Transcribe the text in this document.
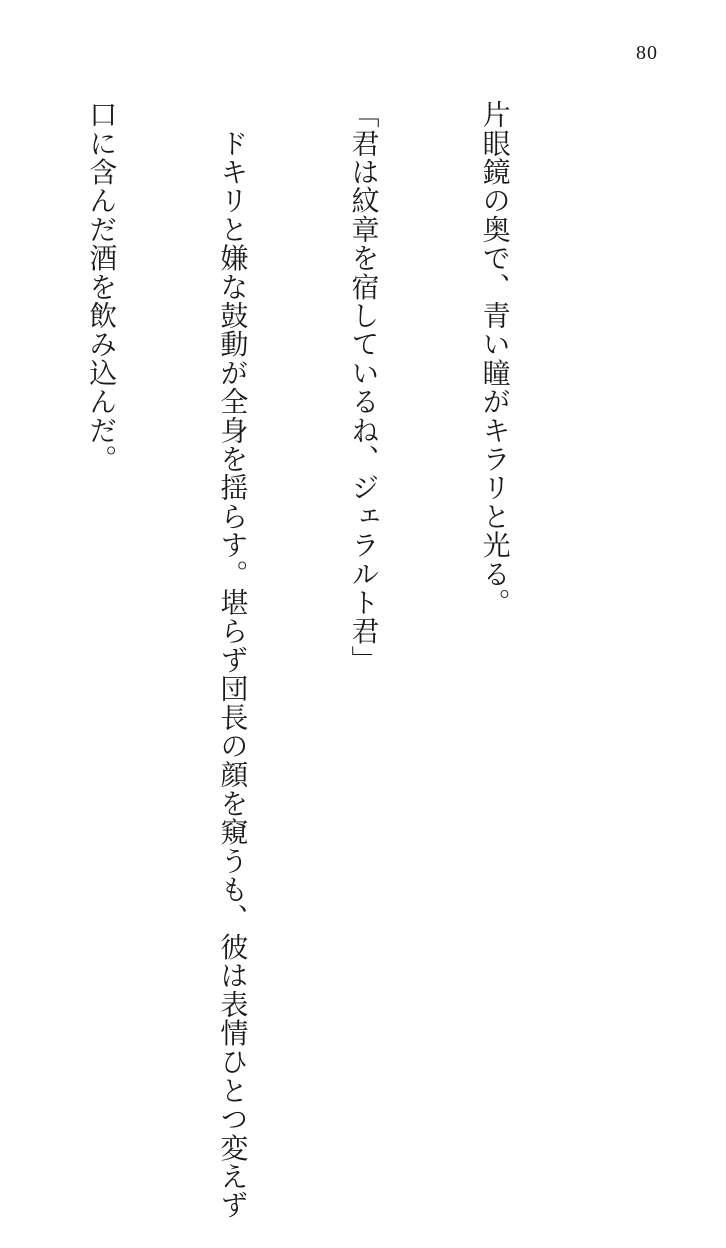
80

片眼鏡の奥で、青い瞳がキラリと光る。

「君は紋章を宿しているね、ジェラルト君」

　ドキリと嫌な鼓動が全身を揺らす。堪らず団長の顔を窺うも、彼は表情ひとつ変えず

口に含んだ酒を飲み込んだ。
